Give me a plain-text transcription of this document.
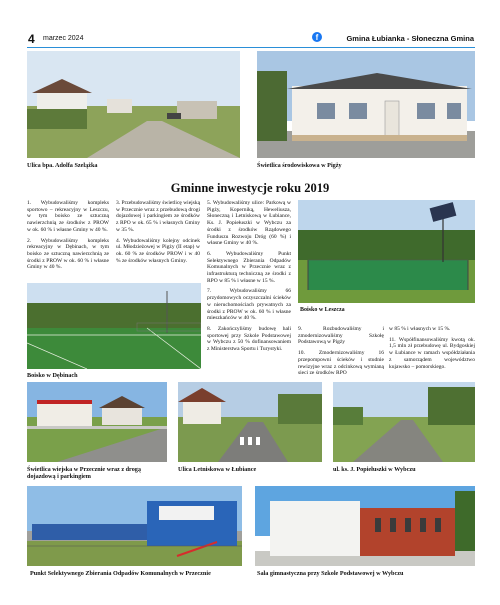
4 marzec 2024	f	Gmina Łubianka - Słoneczna Gmina
Ulica bpa. Adolfa Szelążka	Świetlica środowiskowa w Pigży
Gminne inwestycje roku 2019

1. Wybudowaliśmy kompleks sportowo – rekreacyjny w Leszczu, w tym boisko ze sztuczną nawierzchnią ze środków z PROW w ok. 60 % i własne Gminy w 40 %.

2. Wybudowaliśmy kompleks rekreacyjny w Dębinach, w tym boisko ze sztuczną nawierzchnią ze środki z PROW w ok. 60 % i własne Gminy w 40 %.

3. Przebudowaliśmy świetlicę wiejską w Przecznie wraz z przebudową drogi dojazdowej i parkingiem ze środków z RPO w ok. 65 % i własnych Gminy w 35 %.

4. Wybudowaliśmy kolejny odcinek ul. Młodzieżowej w Pigży (II etap) w ok. 60 % ze środków PROW i w 40 % ze środków własnych Gminy.

5. Wybudowaliśmy ulice: Parkową w Pigży, Koperniką, Heweliusza, Słoneczną i Letniskową w Łubiance, Ks. J. Popiełuszki w Wybczu za środki z środków Rządowego Funduszu Rozwoju Dróg (60 %) i własne Gminy w 40 %.

6. Wybudowaliśmy Punkt Selektywnego Zbierania Odpadów Komunalnych w Przecznie wraz z infrastrukturą techniczną ze środki z RPO w 85 % i własne w 15 %.

7. Wybudowaliśmy 66 przydomowych oczyszczalni ścieków w nieruchomościach prywatnych za środki z PROW w ok. 60 % i własne mieszkańców w 40 %.

8. Zakończyliśmy budowę hali sportowej przy Szkole Podstawowej w Wybczu z 50 % dofinansowaniem z Ministerstwa Sportu i Turystyki.

Boisko w Leszcza
Boisko w Dębinach

9. Rozbudowaliśmy i zmodernizowaliśmy Szkołę Podstawową w Pigży

10. Zmodernizowaliśmy 16 przepompowni ścieków i studnie rewizyjne wraz z odcinkową wymianą sieci ze środków RPO

w 85 % i własnych w 15 %.

11. Współfinansowaliśmy kwotą ok. 1,5 mln zł przebudowę ul. Bydgoskiej w Łubiance w ramach współdziałania z samorządem województwo kujawsko – pomorskiego.

Świetlica wiejska w Przecznie wraz z drogą dojazdową i parkingiem
Ulica Letniskowa w Łubiance	ul. ks. J. Popiełuszki w Wybczu
Punkt Selektywnego Zbierania Odpadów Komunalnych w Przecznie	Sala gimnastyczna przy Szkole Podstawowej w Wybczu
